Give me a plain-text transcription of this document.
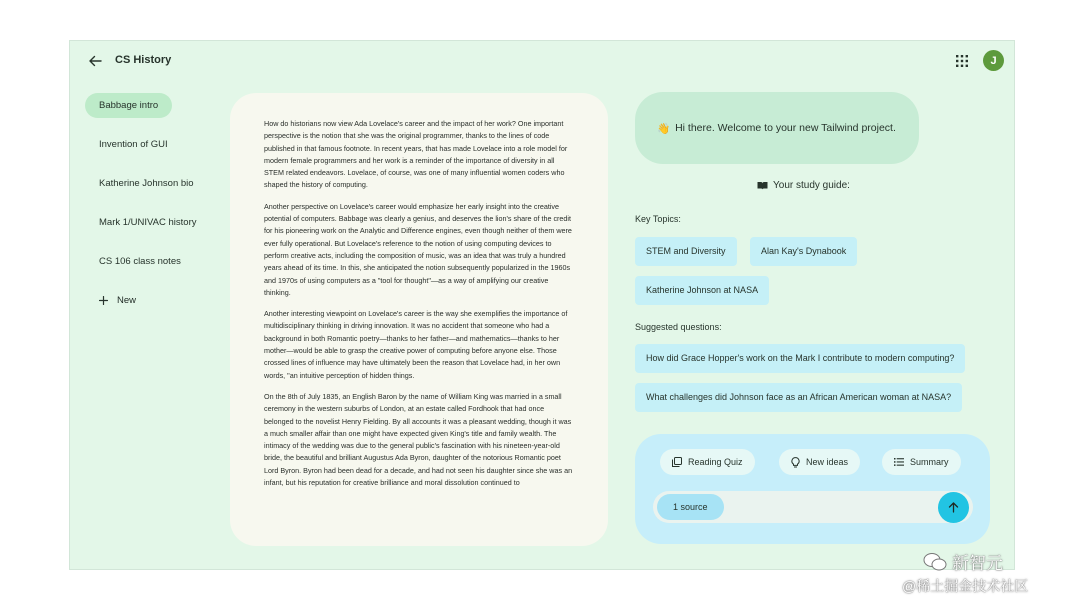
CS History	J
Babbage intro
Invention of GUI
Katherine Johnson bio
Mark 1/UNIVAC history
CS 106 class notes
New

How do historians now view Ada Lovelace's career and the impact of her work? One important perspective is the notion that she was the original programmer, thanks to the lines of code published in that famous footnote. In recent years, that has made Lovelace into a role model for modern female programmers and her work is a reminder of the importance of diversity in all STEM related endeavors. Lovelace, of course, was one of many influential women coders who shaped the history of computing.

Another perspective on Lovelace's career would emphasize her early insight into the creative potential of computers. Babbage was clearly a genius, and deserves the lion's share of the credit for his pioneering work on the Analytic and Difference engines, even though neither of them were ever fully operational. But Lovelace's reference to the notion of using computing devices to perform creative acts, including the composition of music, was an idea that was truly a hundred years ahead of its time. In this, she anticipated the notion subsequently popularized in the 1960s and 1970s of using computers as a "tool for thought"—as a way of amplifying our creative thinking.

Another interesting viewpoint on Lovelace's career is the way she exemplifies the importance of multidisciplinary thinking in driving innovation. It was no accident that someone who had a background in both Romantic poetry—thanks to her father—and mathematics—thanks to her mother—would be able to grasp the creative power of computing before anyone else. Those crossed lines of influence may have ultimately been the reason that Lovelace had, in her own words, "an intuitive perception of hidden things.

On the 8th of July 1835, an English Baron by the name of William King was married in a small ceremony in the western suburbs of London, at an estate called Fordhook that had once belonged to the novelist Henry Fielding. By all accounts it was a pleasant wedding, though it was a much smaller affair than one might have expected given King's title and family wealth. The intimacy of the wedding was due to the general public's fascination with his nineteen-year-old bride, the beautiful and brilliant Augustus Ada Byron, daughter of the notorious Romantic poet Lord Byron. Byron had been dead for a decade, and had not seen his daughter since she was an infant, but his reputation for creative brilliance and moral dissolution continued to

👋 Hi there. Welcome to your new Tailwind project.
Your study guide:
Key Topics:
STEM and Diversity	Alan Kay's Dynabook
Katherine Johnson at NASA
Suggested questions:
How did Grace Hopper's work on the Mark I contribute to modern computing?
What challenges did Johnson face as an African American woman at NASA?
Reading Quiz	New ideas	Summary
1 source
新智元
@稀土掘金技术社区
